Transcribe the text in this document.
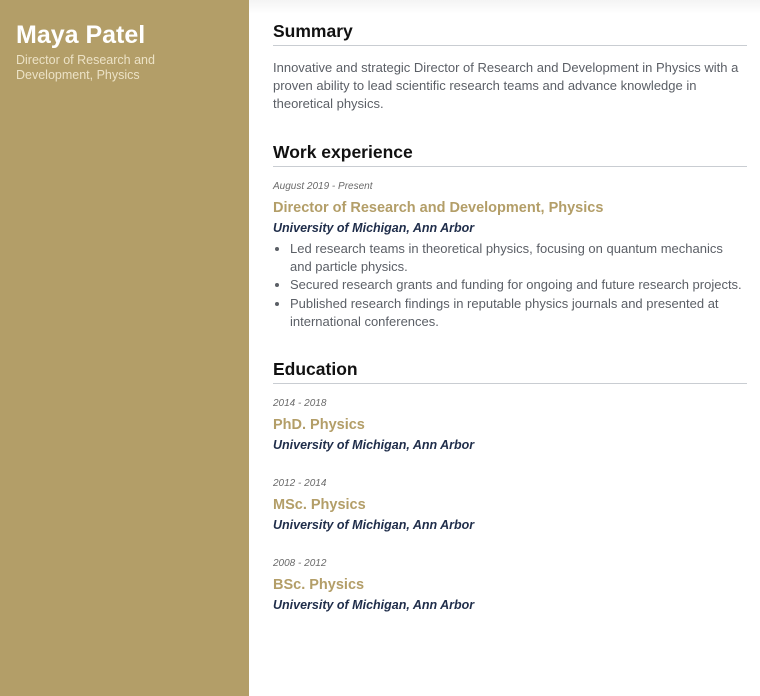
Maya Patel
Director of Research and Development, Physics
Summary

Innovative and strategic Director of Research and Development in Physics with a proven ability to lead scientific research teams and advance knowledge in theoretical physics.

Work experience
August 2019 - Present
Director of Research and Development, Physics
University of Michigan, Ann Arbor
• Led research teams in theoretical physics, focusing on quantum mechanics and particle physics.
• Secured research grants and funding for ongoing and future research projects.
• Published research findings in reputable physics journals and presented at international conferences.
Education
2014 - 2018
PhD. Physics
University of Michigan, Ann Arbor
2012 - 2014
MSc. Physics
University of Michigan, Ann Arbor
2008 - 2012
BSc. Physics
University of Michigan, Ann Arbor
